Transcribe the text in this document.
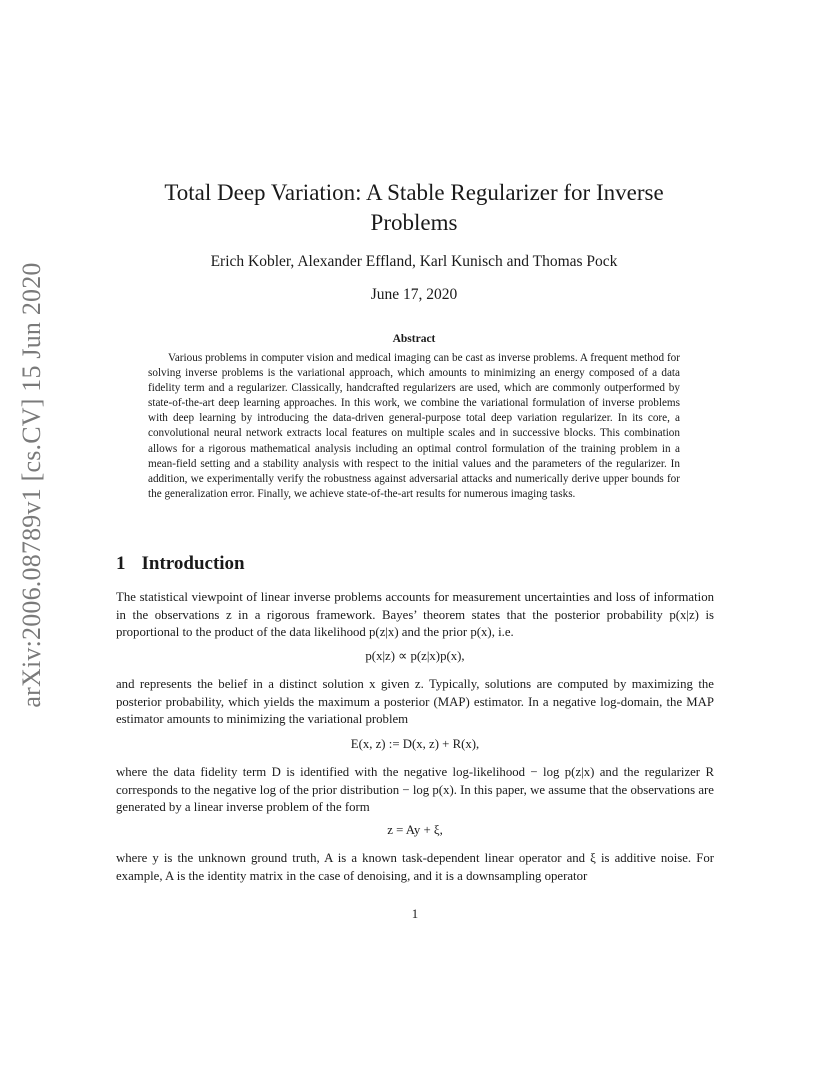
arXiv:2006.08789v1 [cs.CV] 15 Jun 2020
Total Deep Variation: A Stable Regularizer for Inverse
Problems
Erich Kobler, Alexander Effland, Karl Kunisch and Thomas Pock
June 17, 2020
Abstract
Various problems in computer vision and medical imaging can be cast as inverse problems. A frequent method for solving inverse problems is the variational approach, which amounts to minimizing an energy composed of a data fidelity term and a regularizer. Classically, handcrafted regularizers are used, which are commonly outperformed by state-of-the-art deep learning approaches. In this work, we combine the variational formulation of inverse problems with deep learning by introducing the data-driven general-purpose total deep variation regularizer. In its core, a convolutional neural network extracts local features on multiple scales and in successive blocks. This combination allows for a rigorous mathematical analysis including an optimal control formulation of the training problem in a mean-field setting and a stability analysis with respect to the initial values and the parameters of the regularizer. In addition, we experimentally verify the robustness against adversarial attacks and numerically derive upper bounds for the generalization error. Finally, we achieve state-of-the-art results for numerous imaging tasks.
1 Introduction
The statistical viewpoint of linear inverse problems accounts for measurement uncertainties and loss of information in the observations z in a rigorous framework. Bayes’ theorem states that the posterior probability p(x|z) is proportional to the product of the data likelihood p(z|x) and the prior p(x), i.e.
p(x|z) ∝ p(z|x)p(x),
and represents the belief in a distinct solution x given z. Typically, solutions are computed by maximizing the posterior probability, which yields the maximum a posterior (MAP) estimator. In a negative log-domain, the MAP estimator amounts to minimizing the variational problem
E(x, z) := D(x, z) + R(x),
where the data fidelity term D is identified with the negative log-likelihood − log p(z|x) and the regularizer R corresponds to the negative log of the prior distribution − log p(x). In this paper, we assume that the observations are generated by a linear inverse problem of the form
z = Ay + ξ,
where y is the unknown ground truth, A is a known task-dependent linear operator and ξ is additive noise. For example, A is the identity matrix in the case of denoising, and it is a downsampling operator
1
